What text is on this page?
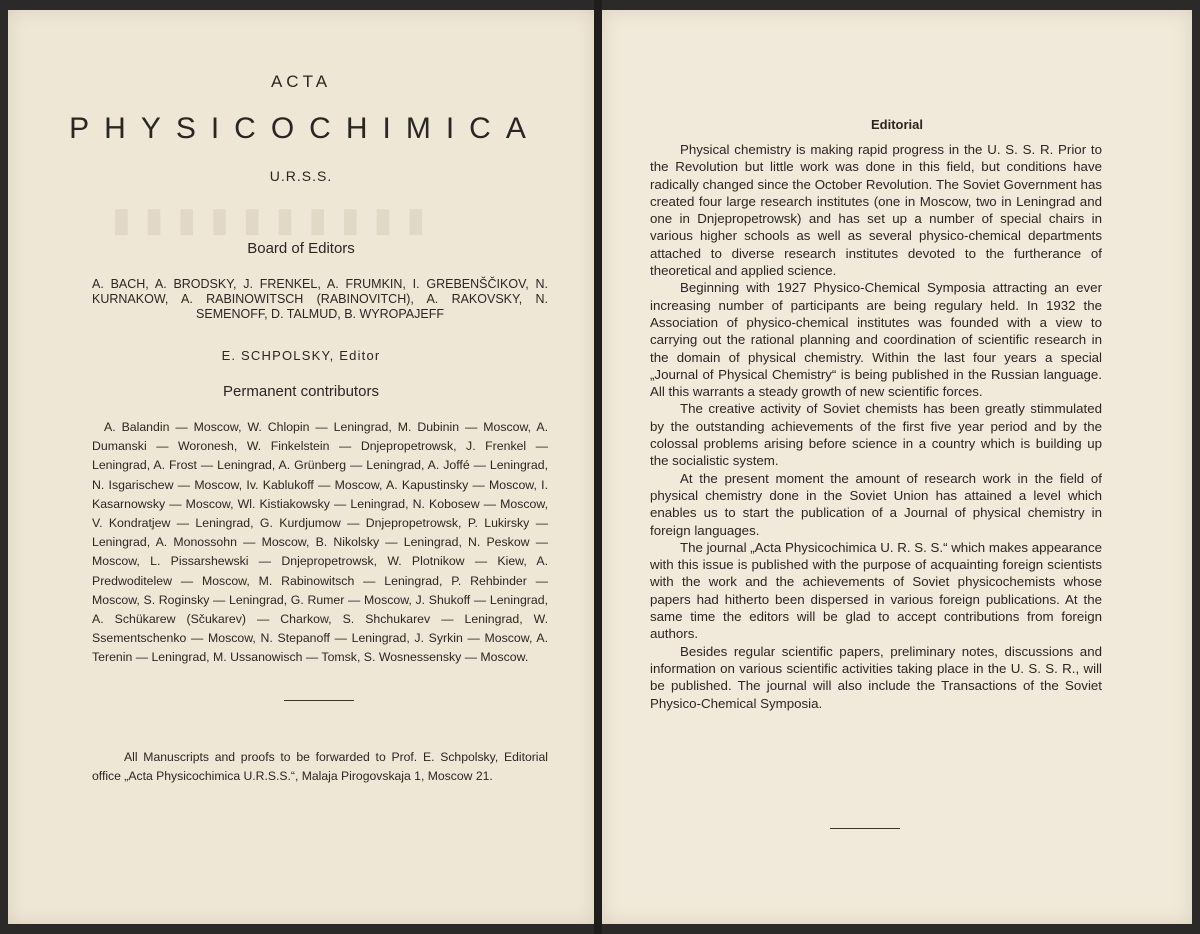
▮▮▮▮▮▮▮▮▮▮
ACTA
PHYSICOCHIMICA
U.R.S.S.
Board of Editors
A. BACH, A. BRODSKY, J. FRENKEL, A. FRUMKIN, I. GREBENŠČIKOV, N. KURNAKOW, A. RABINOWITSCH (RABINOVITCH), A. RAKOVSKY, N. SEMENOFF, D. TALMUD, B. WYROPAJEFF
E. SCHPOLSKY, Editor
Permanent contributors
A. Balandin — Moscow, W. Chlopin — Leningrad, M. Dubinin — Moscow, A. Dumanski — Woronesh, W. Finkelstein — Dnjepropetrowsk, J. Frenkel — Leningrad, A. Frost — Leningrad, A. Grünberg — Leningrad, A. Joffé — Leningrad, N. Isgarischew — Moscow, Iv. Kablukoff — Moscow, A. Kapustinsky — Moscow, I. Kasarnowsky — Moscow, Wl. Kistiakowsky — Leningrad, N. Kobosew — Moscow, V. Kondratjew — Leningrad, G. Kurdjumow — Dnjepropetrowsk, P. Lukirsky — Leningrad, A. Monossohn — Moscow, B. Nikolsky — Leningrad, N. Peskow — Moscow, L. Pissarshewski — Dnjepropetrowsk, W. Plotnikow — Kiew, A. Predwoditelew — Moscow, M. Rabinowitsch — Leningrad, P. Rehbinder — Moscow, S. Roginsky — Leningrad, G. Rumer — Moscow, J. Shukoff — Leningrad, A. Schükarew (Sčukarev) — Charkow, S. Shchukarev — Leningrad, W. Ssementschenko — Moscow, N. Stepanoff — Leningrad, J. Syrkin — Moscow, A. Terenin — Leningrad, M. Ussanowisch — Tomsk, S. Wosnessensky — Moscow.
All Manuscripts and proofs to be forwarded to Prof. E. Schpolsky, Editorial office „Acta Physicochimica U.R.S.S.“, Malaja Pirogovskaja 1, Moscow 21.
Editorial

Physical chemistry is making rapid progress in the U. S. S. R. Prior to the Revolution but little work was done in this field, but conditions have radically changed since the October Revolution. The Soviet Government has created four large research institutes (one in Moscow, two in Leningrad and one in Dnjepropetrowsk) and has set up a number of special chairs in various higher schools as well as several physico-chemical departments attached to diverse research institutes devoted to the furtherance of theoretical and applied science.

Beginning with 1927 Physico-Chemical Symposia attracting an ever increasing number of participants are being regulary held. In 1932 the Association of physico-chemical institutes was founded with a view to carrying out the rational planning and coordination of scientific research in the domain of physical chemistry. Within the last four years a special „Journal of Physical Chemistry“ is being published in the Russian language. All this warrants a steady growth of new scientific forces.

The creative activity of Soviet chemists has been greatly stimmulated by the outstanding achievements of the first five year period and by the colossal problems arising before science in a country which is building up the socialistic system.

At the present moment the amount of research work in the field of physical chemistry done in the Soviet Union has attained a level which enables us to start the publication of a Journal of physical chemistry in foreign languages.

The journal „Acta Physicochimica U. R. S. S.“ which makes appearance with this issue is published with the purpose of acquainting foreign scientists with the work and the achievements of Soviet physicochemists whose papers had hitherto been dispersed in various foreign publications. At the same time the editors will be glad to accept contributions from foreign authors.

Besides regular scientific papers, preliminary notes, discussions and information on various scientific activities taking place in the U. S. S. R., will be published. The journal will also include the Transactions of the Soviet Physico-Chemical Symposia.
